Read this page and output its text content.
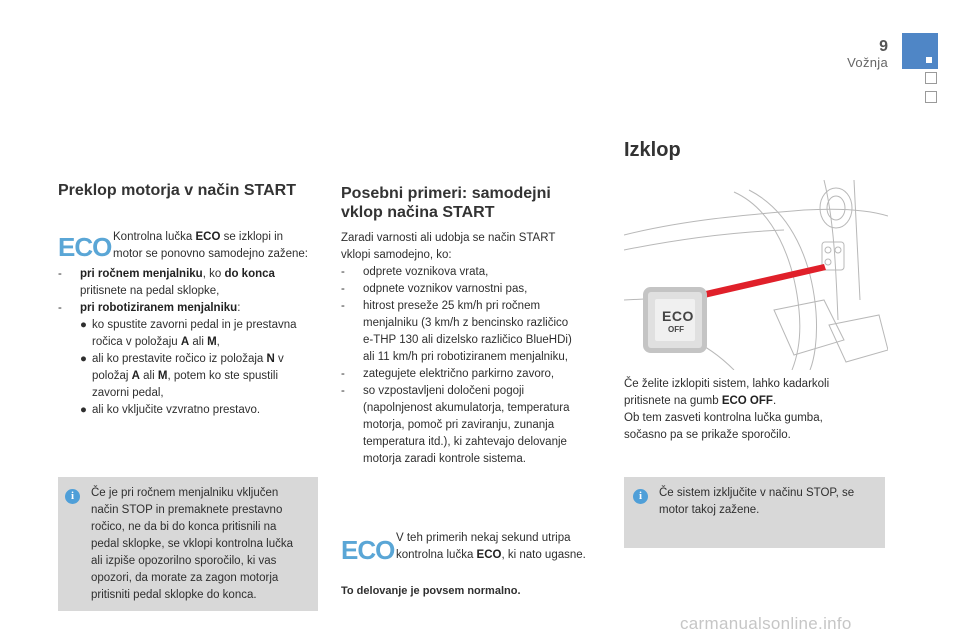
9
Vožnja
Preklop motorja v način START
ECO Kontrolna lučka ECO se izklopi in
motor se ponovno samodejno zažene:
- pri ročnem menjalniku, ko do konca
pritisnete na pedal sklopke,
- pri robotiziranem menjalniku:
● ko spustite zavorni pedal in je prestavna
ročica v položaju A ali M,
● ali ko prestavite ročico iz položaja N v
položaj A ali M, potem ko ste spustili
zavorni pedal,
● ali ko vključite vzvratno prestavo.
i	Če je pri ročnem menjalniku vključen
način STOP in premaknete prestavno
ročico, ne da bi do konca pritisnili na
pedal sklopke, se vklopi kontrolna lučka
ali izpiše opozorilno sporočilo, ki vas
opozori, da morate za zagon motorja
pritisniti pedal sklopke do konca.
Posebni primeri: samodejni
vklop načina START
Zaradi varnosti ali udobja se način START
vklopi samodejno, ko:
- odprete voznikova vrata,
- odpnete voznikov varnostni pas,
- hitrost preseže 25 km/h pri ročnem
menjalniku (3 km/h z bencinsko različico
e-THP 130 ali dizelsko različico BlueHDi)
ali 11 km/h pri robotiziranem menjalniku,
- zategujete električno parkirno zavoro,
- so vzpostavljeni določeni pogoji
(napolnjenost akumulatorja, temperatura
motorja, pomoč pri zaviranju, zunanja
temperatura itd.), ki zahtevajo delovanje
motorja zaradi kontrole sistema.
ECO V teh primerih nekaj sekund utripa
kontrolna lučka ECO, ki nato ugasne.
To delovanje je povsem normalno.
Izklop
ECO
OFF
Če želite izklopiti sistem, lahko kadarkoli
pritisnete na gumb ECO OFF.
Ob tem zasveti kontrolna lučka gumba,
sočasno pa se prikaže sporočilo.
i	Če sistem izključite v načinu STOP, se
motor takoj zažene.
carmanualsonline.info
